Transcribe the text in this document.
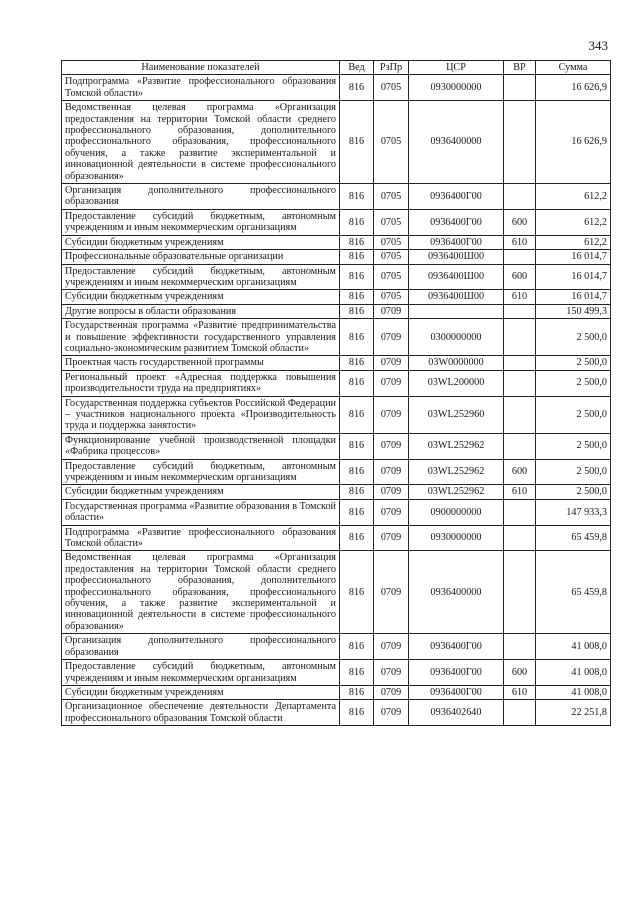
343
Наименование показателей	Вед	РзПр	ЦСР	ВР	Сумма
Подпрограмма «Развитие профессионального образования Томской области»	816	0705	0930000000		16 626,9
Ведомственная целевая программа «Организация предоставления на территории Томской области среднего профессионального образования, дополнительного профессионального образования, профессионального обучения, а также развитие экспериментальной и инновационной деятельности в системе профессионального образования»	816	0705	0936400000		16 626,9
Организация дополнительного профессионального образования	816	0705	0936400Г00		612,2
Предоставление субсидий бюджетным, автономным учреждениям и иным некоммерческим организациям	816	0705	0936400Г00	600	612,2
Субсидии бюджетным учреждениям	816	0705	0936400Г00	610	612,2
Профессиональные образовательные организации	816	0705	0936400Ш00		16 014,7
Предоставление субсидий бюджетным, автономным учреждениям и иным некоммерческим организациям	816	0705	0936400Ш00	600	16 014,7
Субсидии бюджетным учреждениям	816	0705	0936400Ш00	610	16 014,7
Другие вопросы в области образования	816	0709			150 499,3
Государственная программа «Развитие предпринимательства и повышение эффективности государственного управления социально-экономическим развитием Томской области»	816	0709	0300000000		2 500,0
Проектная часть государственной программы	816	0709	03W0000000		2 500,0
Региональный проект «Адресная поддержка повышения производительности труда на предприятиях»	816	0709	03WL200000		2 500,0
Государственная поддержка субъектов Российской Федерации – участников национального проекта «Производительность труда и поддержка занятости»	816	0709	03WL252960		2 500,0
Функционирование учебной производственной площадки «Фабрика процессов»	816	0709	03WL252962		2 500,0
Предоставление субсидий бюджетным, автономным учреждениям и иным некоммерческим организациям	816	0709	03WL252962	600	2 500,0
Субсидии бюджетным учреждениям	816	0709	03WL252962	610	2 500,0
Государственная программа «Развитие образования в Томской области»	816	0709	0900000000		147 933,3
Подпрограмма «Развитие профессионального образования Томской области»	816	0709	0930000000		65 459,8
Ведомственная целевая программа «Организация предоставления на территории Томской области среднего профессионального образования, дополнительного профессионального образования, профессионального обучения, а также развитие экспериментальной и инновационной деятельности в системе профессионального образования»	816	0709	0936400000		65 459,8
Организация дополнительного профессионального образования	816	0709	0936400Г00		41 008,0
Предоставление субсидий бюджетным, автономным учреждениям и иным некоммерческим организациям	816	0709	0936400Г00	600	41 008,0
Субсидии бюджетным учреждениям	816	0709	0936400Г00	610	41 008,0
Организационное обеспечение деятельности Департамента профессионального образования Томской области	816	0709	0936402640		22 251,8
